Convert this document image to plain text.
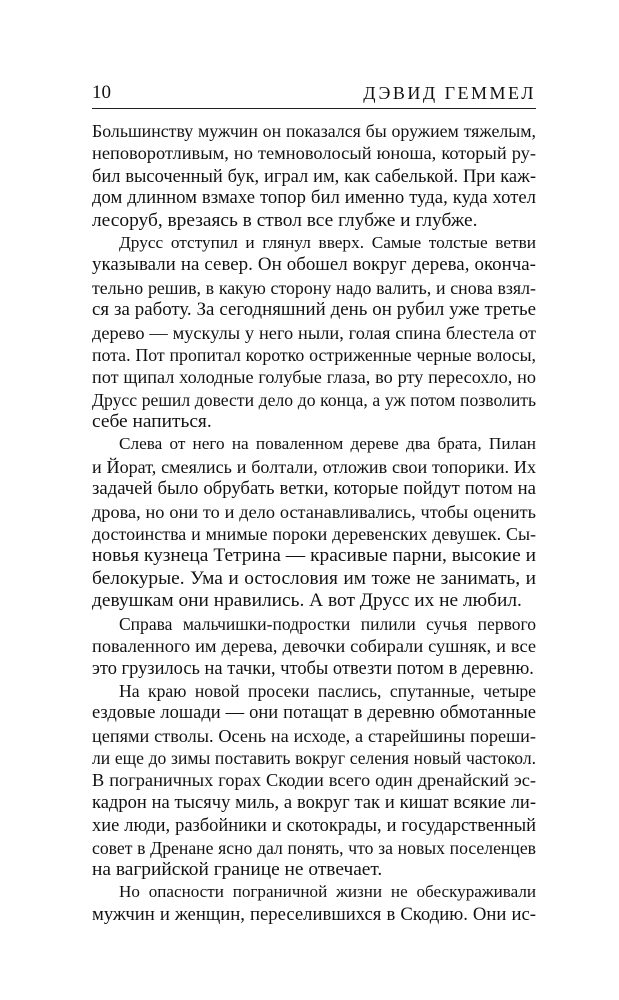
10	ДЭВИД ГЕММЕЛ

Большинству мужчин он показался бы оружием тяжелым,
неповоротливым, но темноволосый юноша, который ру-
бил высоченный бук, играл им, как сабелькой. При каж-
дом длинном взмахе топор бил именно туда, куда хотел
лесоруб, врезаясь в ствол все глубже и глубже.

Друсс отступил и глянул вверх. Самые толстые ветви
указывали на север. Он обошел вокруг дерева, оконча-
тельно решив, в какую сторону надо валить, и снова взял-
ся за работу. За сегодняшний день он рубил уже третье
дерево — мускулы у него ныли, голая спина блестела от
пота. Пот пропитал коротко остриженные черные волосы,
пот щипал холодные голубые глаза, во рту пересохло, но
Друсс решил довести дело до конца, а уж потом позволить
себе напиться.

Слева от него на поваленном дереве два брата, Пилан
и Йорат, смеялись и болтали, отложив свои топорики. Их
задачей было обрубать ветки, которые пойдут потом на
дрова, но они то и дело останавливались, чтобы оценить
достоинства и мнимые пороки деревенских девушек. Сы-
новья кузнеца Тетрина — красивые парни, высокие и
белокурые. Ума и остословия им тоже не занимать, и
девушкам они нравились. А вот Друсс их не любил.

Справа мальчишки-подростки пилили сучья первого
поваленного им дерева, девочки собирали сушняк, и все
это грузилось на тачки, чтобы отвезти потом в деревню.

На краю новой просеки паслись, спутанные, четыре
ездовые лошади — они потащат в деревню обмотанные
цепями стволы. Осень на исходе, а старейшины пореши-
ли еще до зимы поставить вокруг селения новый частокол.
В пограничных горах Скодии всего один дренайский эс-
кадрон на тысячу миль, а вокруг так и кишат всякие ли-
хие люди, разбойники и скотокрады, и государственный
совет в Дренане ясно дал понять, что за новых поселенцев
на вагрийской границе не отвечает.

Но опасности пограничной жизни не обескураживали
мужчин и женщин, переселившихся в Скодию. Они ис-
